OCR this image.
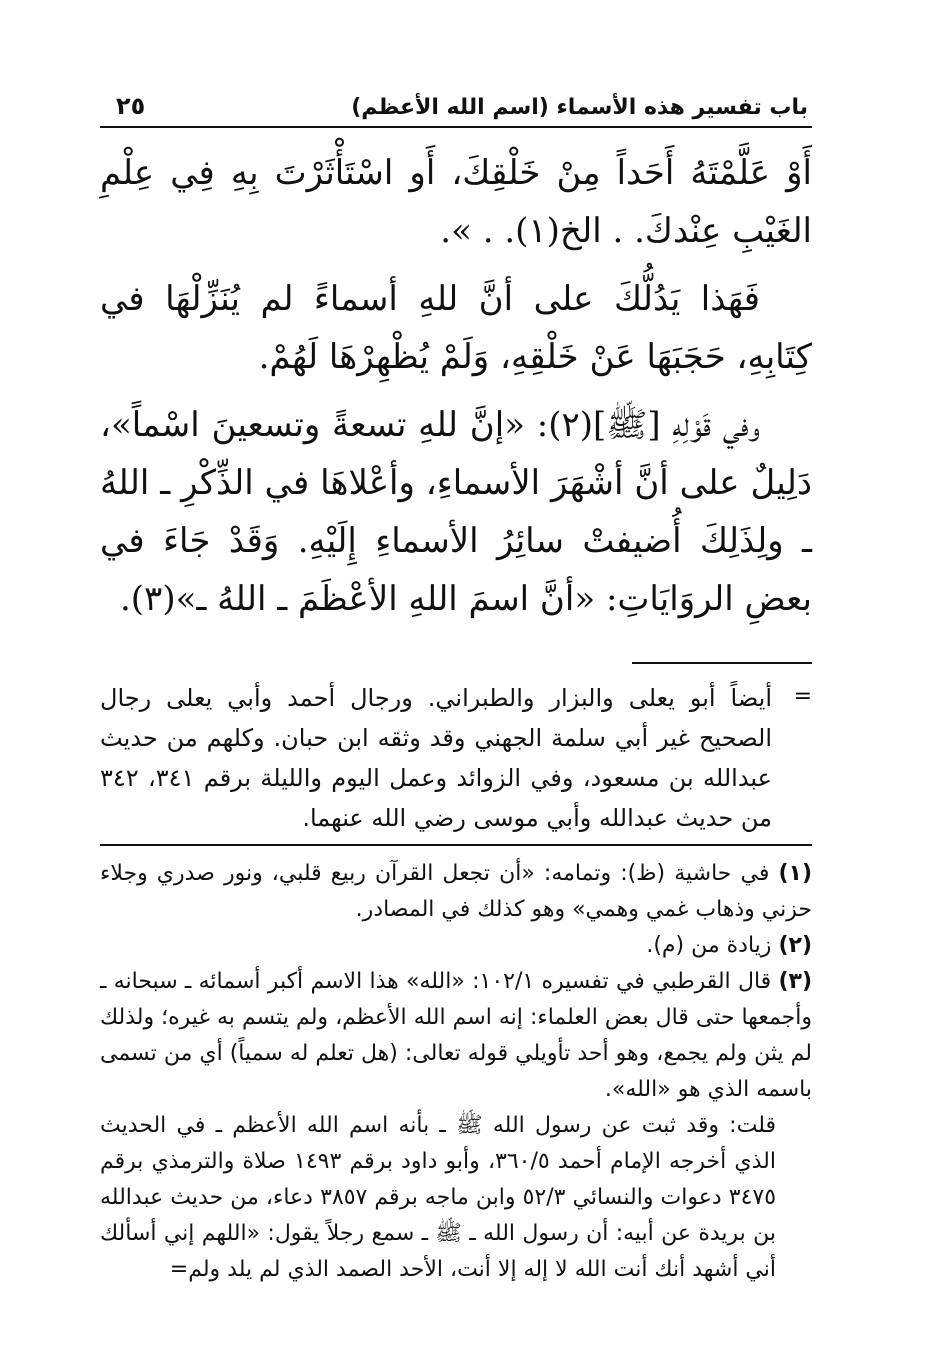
باب تفسير هذه الأسماء (اسم الله الأعظم)
٢٥

أَوْ عَلَّمْتَهُ أَحَداً مِنْ خَلْقِكَ، أَو اسْتَأْثَرْتَ بِهِ فِي عِلْمِ الغَيْبِ عِنْدكَ. . الخ(١). . ».

فَهَذا يَدُلُّكَ على أنَّ للهِ أسماءً لم يُنَزِّلْهَا في كِتَابِهِ، حَجَبَهَا عَنْ خَلْقِهِ، وَلَمْ يُظْهِرْهَا لَهُمْ.

وفي قَوْلِهِ [ﷺ](٢): «إنَّ للهِ تسعةً وتسعينَ اسْماً»، دَلِيلٌ على أنَّ أشْهَرَ الأسماءِ، وأعْلاهَا في الذِّكْرِ ـ اللهُ ـ ولِذَلِكَ أُضيفتْ سائِرُ الأسماءِ إِلَيْهِ. وَقَدْ جَاءَ في بعضِ الروَايَاتِ: «أنَّ اسمَ اللهِ الأعْظَمَ ـ اللهُ ـ»(٣).

=
أيضاً أبو يعلى والبزار والطبراني. ورجال أحمد وأبي يعلى رجال الصحيح غير أبي سلمة الجهني وقد وثقه ابن حبان. وكلهم من حديث عبدالله بن مسعود، وفي الزوائد وعمل اليوم والليلة برقم ٣٤١، ٣٤٢ من حديث عبدالله وأبي موسى رضي الله عنهما.
(١) في حاشية (ظ): وتمامه: «أن تجعل القرآن ربيع قلبي، ونور صدري وجلاء حزني وذهاب غمي وهمي» وهو كذلك في المصادر.
(٢) زيادة من (م).
(٣) قال القرطبي في تفسيره ١٠٢/١: «الله» هذا الاسم أكبر أسمائه ـ سبحانه ـ وأجمعها حتى قال بعض العلماء: إنه اسم الله الأعظم، ولم يتسم به غيره؛ ولذلك لم يثن ولم يجمع، وهو أحد تأويلي قوله تعالى: (هل تعلم له سمياً) أي من تسمى باسمه الذي هو «الله».
قلت: وقد ثبت عن رسول الله ﷺ ـ بأنه اسم الله الأعظم ـ في الحديث الذي أخرجه الإمام أحمد ٣٦٠/٥، وأبو داود برقم ١٤٩٣ صلاة والترمذي برقم ٣٤٧٥ دعوات والنسائي ٥٢/٣ وابن ماجه برقم ٣٨٥٧ دعاء، من حديث عبدالله بن بريدة عن أبيه: أن رسول الله ـ ﷺ ـ سمع رجلاً يقول: «اللهم إني أسألك أني أشهد أنك أنت الله لا إله إلا أنت، الأحد الصمد الذي لم يلد ولم=
